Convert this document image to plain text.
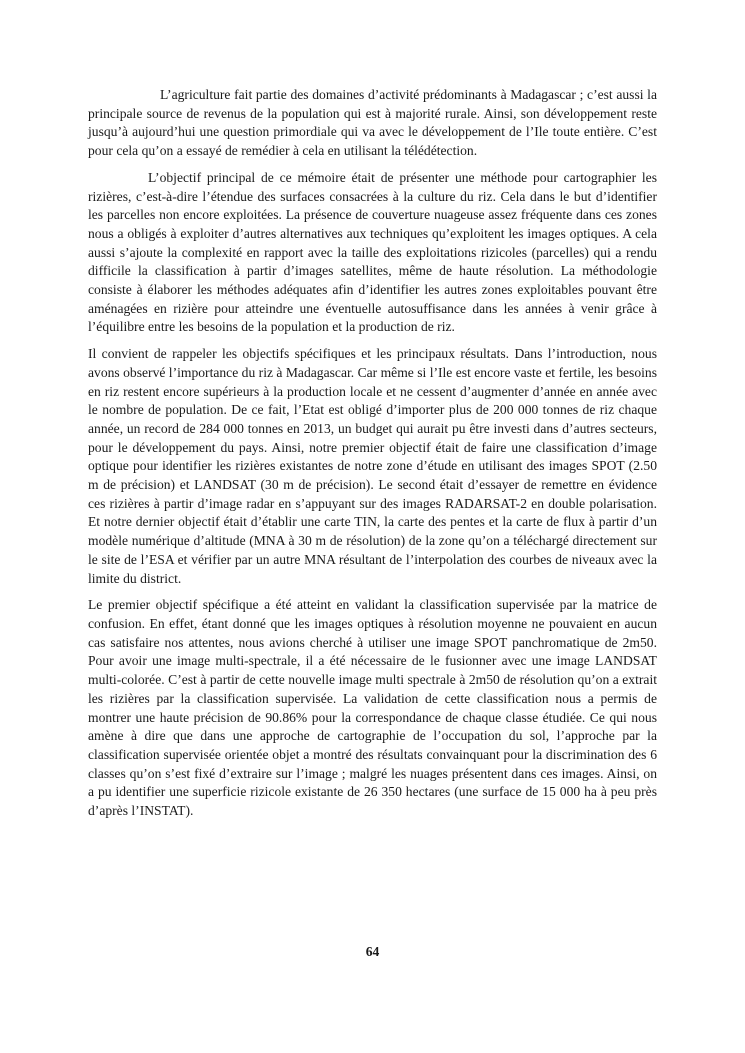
L’agriculture fait partie des domaines d’activité prédominants à Madagascar ; c’est aussi la principale source de revenus de la population qui est à majorité rurale. Ainsi, son développement reste jusqu’à aujourd’hui une question primordiale qui va avec le développement de l’Ile toute entière. C’est pour cela qu’on a essayé de remédier à cela en utilisant la télédétection.

L’objectif principal de ce mémoire était de présenter une méthode pour cartographier les rizières, c’est-à-dire l’étendue des surfaces consacrées à la culture du riz. Cela dans le but d’identifier les parcelles non encore exploitées. La présence de couverture nuageuse assez fréquente dans ces zones nous a obligés à exploiter d’autres alternatives aux techniques qu’exploitent les images optiques. A cela aussi s’ajoute la complexité en rapport avec la taille des exploitations rizicoles (parcelles) qui a rendu difficile la classification à partir d’images satellites, même de haute résolution. La méthodologie consiste à élaborer les méthodes adéquates afin d’identifier les autres zones exploitables pouvant être aménagées en rizière pour atteindre une éventuelle autosuffisance dans les années à venir grâce à l’équilibre entre les besoins de la population et la production de riz.

Il convient de rappeler les objectifs spécifiques et les principaux résultats. Dans l’introduction, nous avons observé l’importance du riz à Madagascar. Car même si l’Ile est encore vaste et fertile, les besoins en riz restent encore supérieurs à la production locale et ne cessent d’augmenter d’année en année avec le nombre de population. De ce fait, l’Etat est obligé d’importer plus de 200 000 tonnes de riz chaque année, un record de 284 000 tonnes en 2013, un budget qui aurait pu être investi dans d’autres secteurs, pour le développement du pays. Ainsi, notre premier objectif était de faire une classification d’image optique pour identifier les rizières existantes de notre zone d’étude en utilisant des images SPOT (2.50 m de précision) et LANDSAT (30 m de précision). Le second était d’essayer de remettre en évidence ces rizières à partir d’image radar en s’appuyant sur des images RADARSAT-2 en double polarisation. Et notre dernier objectif était d’établir une carte TIN, la carte des pentes et la carte de flux à partir d’un modèle numérique d’altitude (MNA à 30 m de résolution) de la zone qu’on a téléchargé directement sur le site de l’ESA et vérifier par un autre MNA résultant de l’interpolation des courbes de niveaux avec la limite du district.

Le premier objectif spécifique a été atteint en validant la classification supervisée par la matrice de confusion. En effet, étant donné que les images optiques à résolution moyenne ne pouvaient en aucun cas satisfaire nos attentes, nous avions cherché à utiliser une image SPOT panchromatique de 2m50. Pour avoir une image multi-spectrale, il a été nécessaire de le fusionner avec une image LANDSAT multi-colorée. C’est à partir de cette nouvelle image multi spectrale à 2m50 de résolution qu’on a extrait les rizières par la classification supervisée. La validation de cette classification nous a permis de montrer une haute précision de 90.86% pour la correspondance de chaque classe étudiée. Ce qui nous amène à dire que dans une approche de cartographie de l’occupation du sol, l’approche par la classification supervisée orientée objet a montré des résultats convainquant pour la discrimination des 6 classes qu’on s’est fixé d’extraire sur l’image ; malgré les nuages présentent dans ces images. Ainsi, on a pu identifier une superficie rizicole existante de 26 350 hectares (une surface de 15 000 ha à peu près d’après l’INSTAT).

64
